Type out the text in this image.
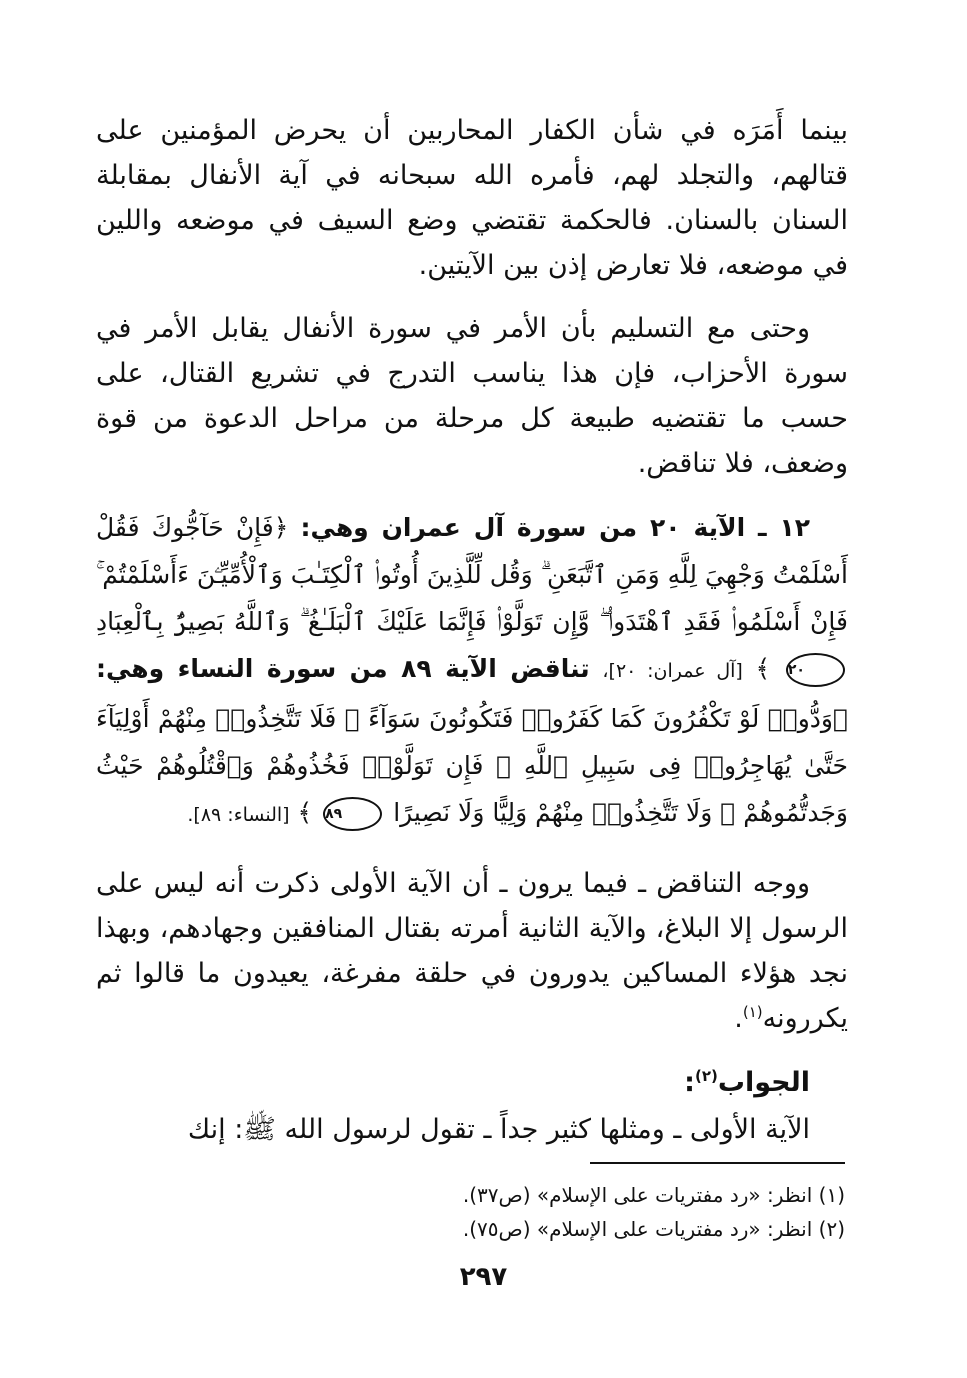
بينما أَمَرَه في شأن الكفار المحاربين أن يحرض المؤمنين على قتالهم، والتجلد لهم، فأمره الله سبحانه في آية الأنفال بمقابلة السنان بالسنان. فالحكمة تقتضي وضع السيف في موضعه واللين في موضعه، فلا تعارض إذن بين الآيتين.

وحتى مع التسليم بأن الأمر في سورة الأنفال يقابل الأمر في سورة الأحزاب، فإن هذا يناسب التدرج في تشريع القتال، على حسب ما تقتضيه طبيعة كل مرحلة من مراحل الدعوة من قوة وضعف، فلا تناقض.

١٢ ـ الآية ٢٠ من سورة آل عمران وهي: ﴿فَإِنْ حَآجُّوكَ فَقُلْ أَسْلَمْتُ وَجْهِيَ لِلَّهِ وَمَنِ ٱتَّبَعَنِ ۗ وَقُل لِّلَّذِينَ أُوتُوا۟ ٱلْكِتَـٰبَ وَٱلْأُمِّيِّـۧنَ ءَأَسْلَمْتُمْ ۚ فَإِنْ أَسْلَمُوا۟ فَقَدِ ٱهْتَدَوا۟ ۖ وَّإِن تَوَلَّوْا۟ فَإِنَّمَا عَلَيْكَ ٱلْبَلَـٰغُ ۗ وَٱللَّهُ بَصِيرٌۢ بِٱلْعِبَادِ ٢٠ ﴾ [آل عمران: ٢٠]، تناقض الآية ٨٩ من سورة النساء وهي: ﴿وَدُّوا۟ لَوْ تَكْفُرُونَ كَمَا كَفَرُوا۟ فَتَكُونُونَ سَوَآءً ۖ فَلَا تَتَّخِذُوا۟ مِنْهُمْ أَوْلِيَآءَ حَتَّىٰ يُهَاجِرُوا۟ فِى سَبِيلِ ٱللَّهِ ۚ فَإِن تَوَلَّوْا۟ فَخُذُوهُمْ وَٱقْتُلُوهُمْ حَيْثُ وَجَدتُّمُوهُمْ ۖ وَلَا تَتَّخِذُوا۟ مِنْهُمْ وَلِيًّا وَلَا نَصِيرًا ٨٩ ﴾ [النساء: ٨٩].

ووجه التناقض ـ فيما يرون ـ أن الآية الأولى ذكرت أنه ليس على الرسول إلا البلاغ، والآية الثانية أمرته بقتال المنافقين وجهادهم، وبهذا نجد هؤلاء المساكين يدورون في حلقة مفرغة، يعيدون ما قالوا ثم يكررونه$^{(١)}$.

الجواب$^{(٢)}$:

الآية الأولى ـ ومثلها كثير جداً ـ تقول لرسول الله ﷺ: إنك

(١) انظر: «رد مفتريات على الإسلام» (ص٣٧).
(٢) انظر: «رد مفتريات على الإسلام» (ص٧٥).
٢٩٧
